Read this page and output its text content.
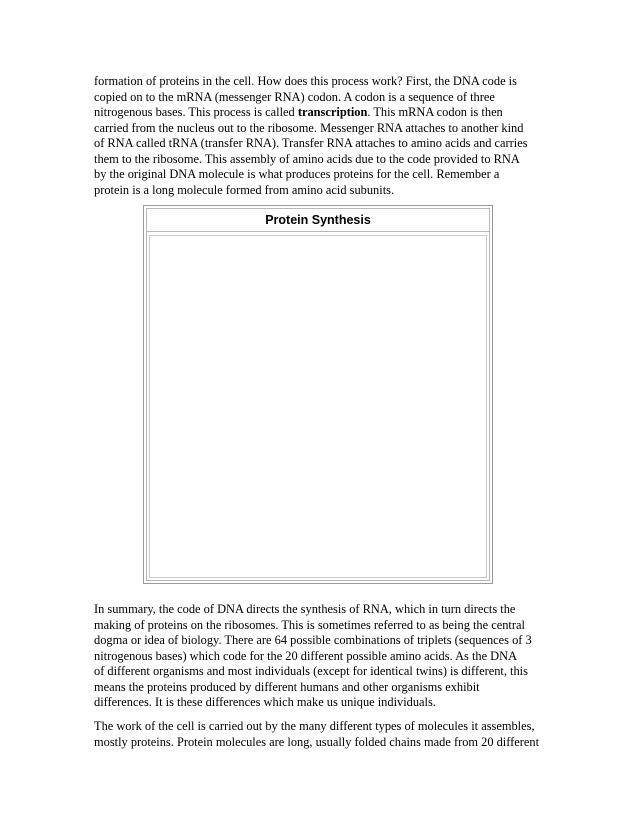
formation of proteins in the cell. How does this process work? First, the DNA code is
copied on to the mRNA (messenger RNA) codon. A codon is a sequence of three
nitrogenous bases. This process is called transcription. This mRNA codon is then
carried from the nucleus out to the ribosome. Messenger RNA attaches to another kind
of RNA called tRNA (transfer RNA). Transfer RNA attaches to amino acids and carries
them to the ribosome. This assembly of amino acids due to the code provided to RNA
by the original DNA molecule is what produces proteins for the cell. Remember a
protein is a long molecule formed from amino acid subunits.

Protein Synthesis

In summary, the code of DNA directs the synthesis of RNA, which in turn directs the
making of proteins on the ribosomes. This is sometimes referred to as being the central
dogma or idea of biology. There are 64 possible combinations of triplets (sequences of 3
nitrogenous bases) which code for the 20 different possible amino acids. As the DNA
of different organisms and most individuals (except for identical twins) is different, this
means the proteins produced by different humans and other organisms exhibit
differences. It is these differences which make us unique individuals.

The work of the cell is carried out by the many different types of molecules it assembles,
mostly proteins. Protein molecules are long, usually folded chains made from 20 different
